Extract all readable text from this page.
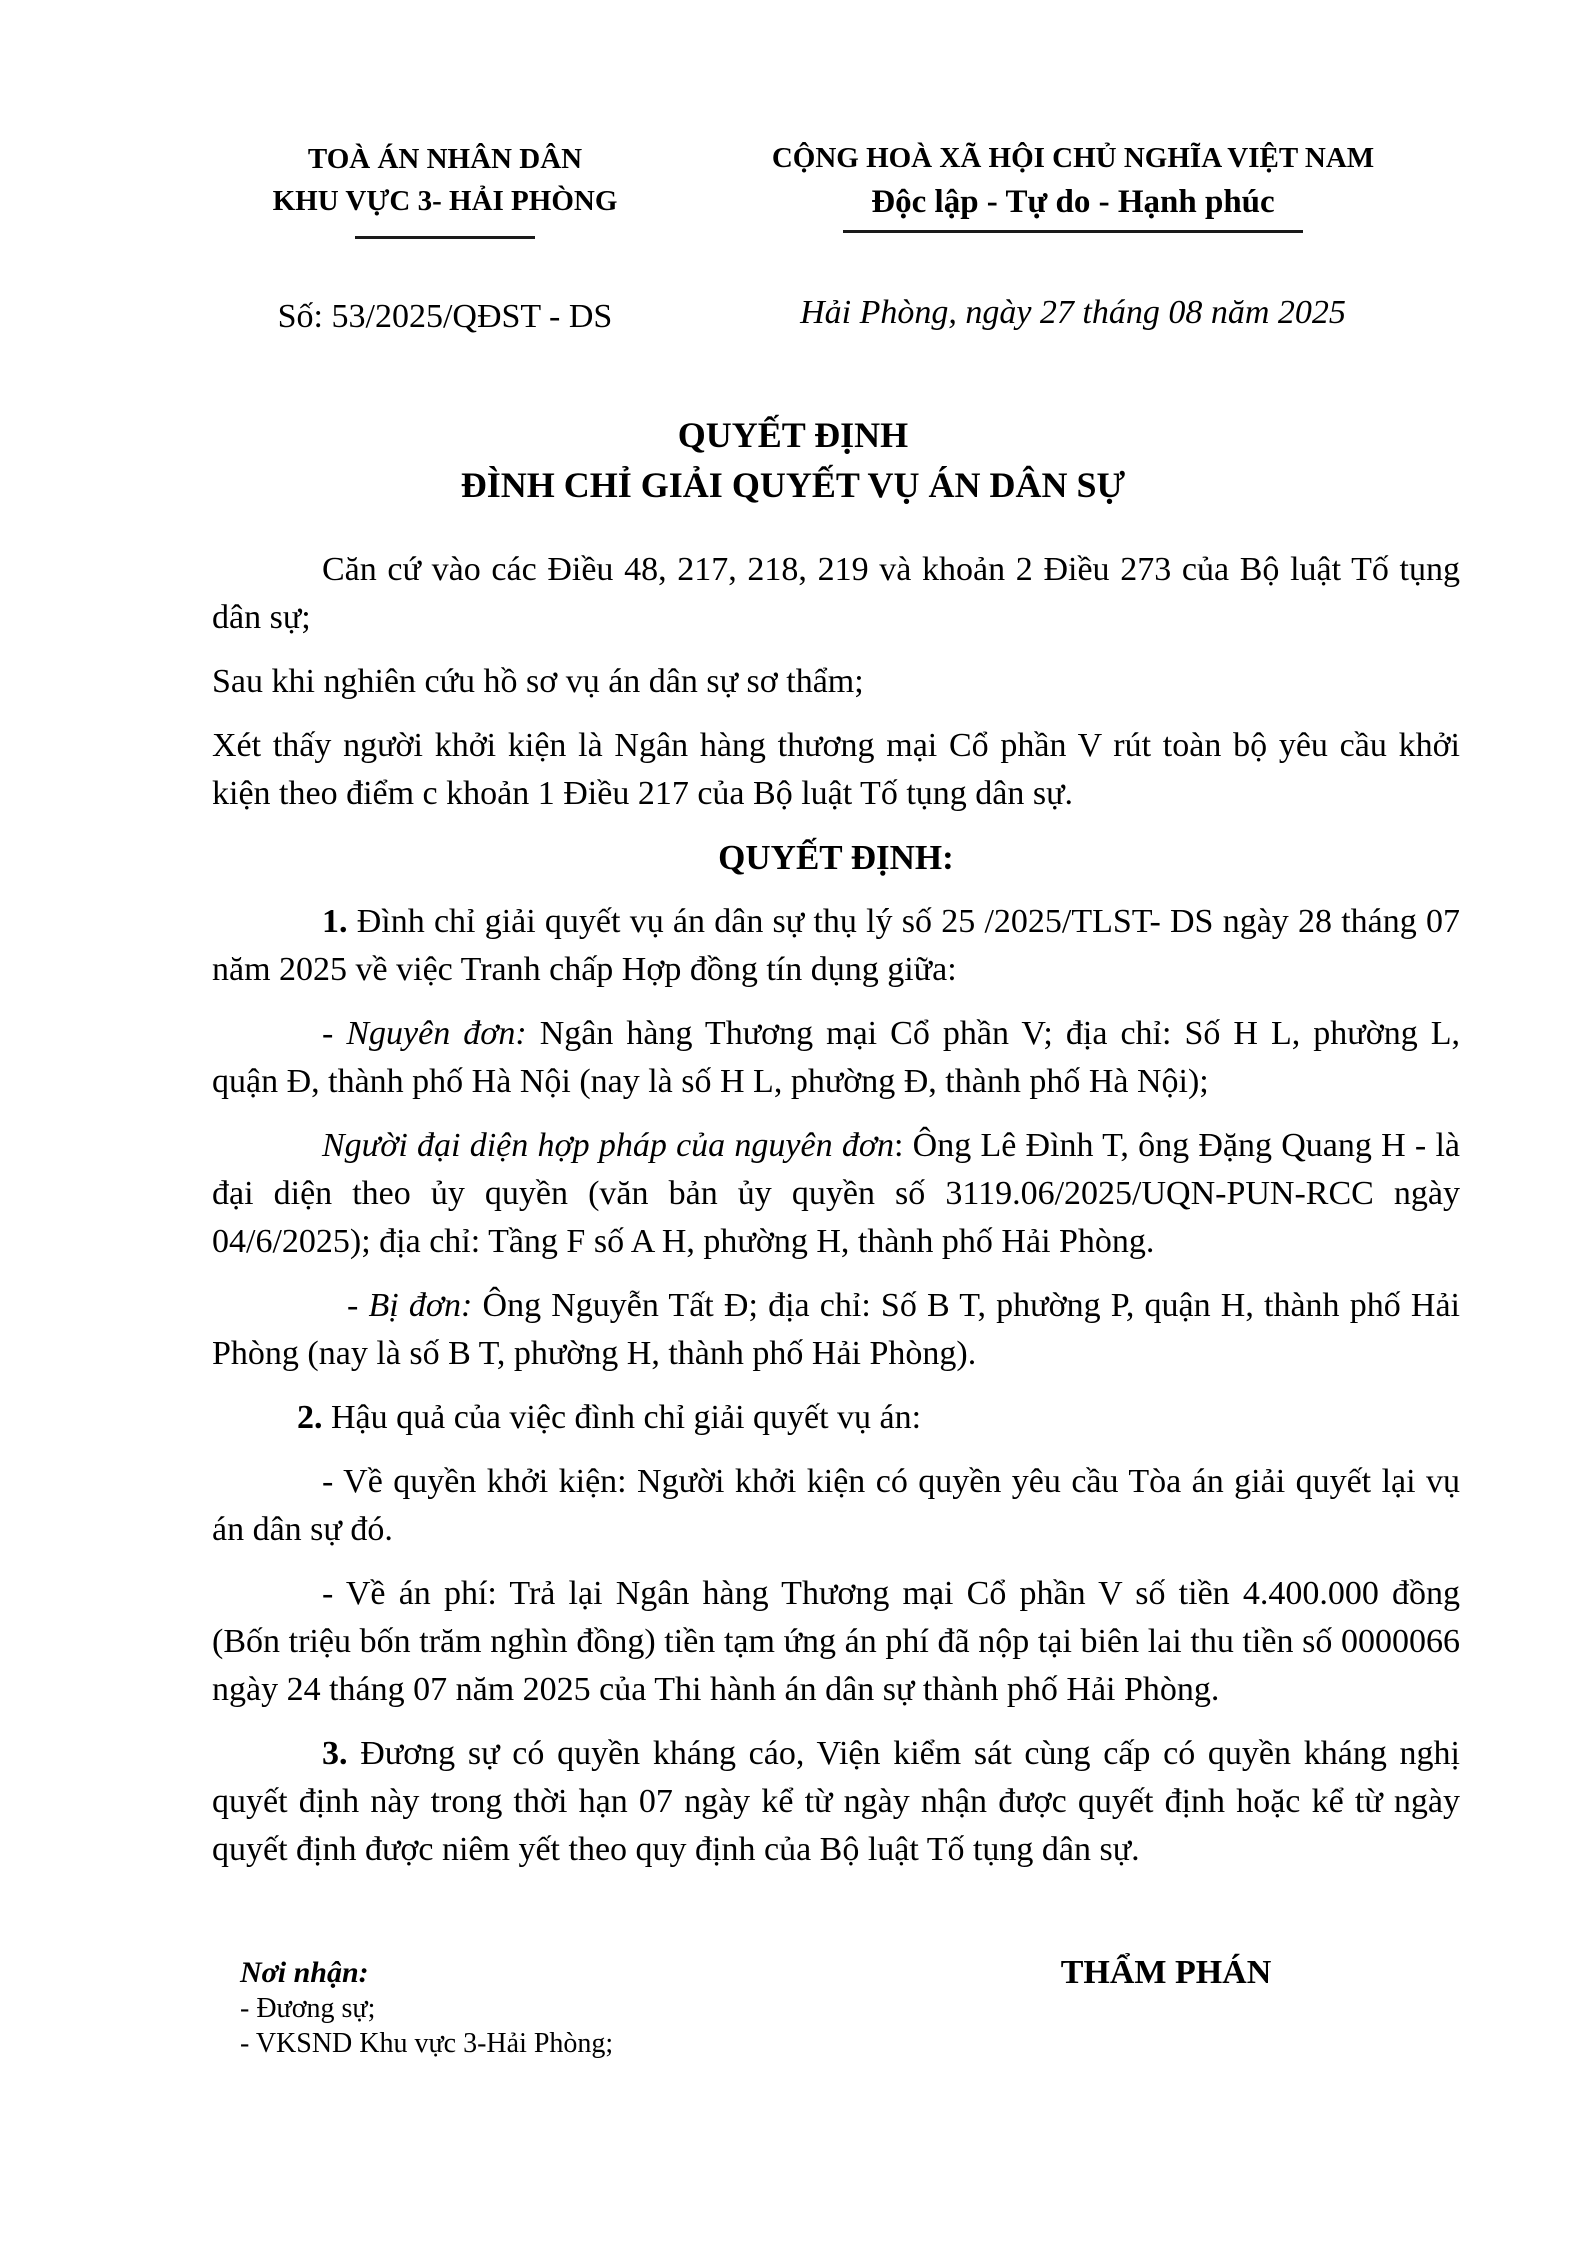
TOÀ ÁN NHÂN DÂN
KHU VỰC 3- HẢI PHÒNG
Số: 53/2025/QĐST - DS
CỘNG HOÀ XÃ HỘI CHỦ NGHĨA VIỆT NAM
Độc lập - Tự do - Hạnh phúc
Hải Phòng, ngày 27 tháng 08 năm 2025
QUYẾT ĐỊNH
ĐÌNH CHỈ GIẢI QUYẾT VỤ ÁN DÂN SỰ

Căn cứ vào các Điều 48, 217, 218, 219 và khoản 2 Điều 273 của Bộ luật Tố tụng dân sự;

Sau khi nghiên cứu hồ sơ vụ án dân sự sơ thẩm;

Xét thấy người khởi kiện là Ngân hàng thương mại Cổ phần V rút toàn bộ yêu cầu khởi kiện theo điểm c khoản 1 Điều 217 của Bộ luật Tố tụng dân sự.

QUYẾT ĐỊNH:

1. Đình chỉ giải quyết vụ án dân sự thụ lý số 25 /2025/TLST- DS ngày 28 tháng 07 năm 2025 về việc Tranh chấp Hợp đồng tín dụng giữa:

- Nguyên đơn: Ngân hàng Thương mại Cổ phần V; địa chỉ: Số H L, phường L, quận Đ, thành phố Hà Nội (nay là số H L, phường Đ, thành phố Hà Nội);

Người đại diện hợp pháp của nguyên đơn: Ông Lê Đình T, ông Đặng Quang H - là đại diện theo ủy quyền (văn bản ủy quyền số 3119.06/2025/UQN-PUN-RCC ngày 04/6/2025); địa chỉ: Tầng F số A H, phường H, thành phố Hải Phòng.

- Bị đơn: Ông Nguyễn Tất Đ; địa chỉ: Số B T, phường P, quận H, thành phố Hải Phòng (nay là số B T, phường H, thành phố Hải Phòng).

2. Hậu quả của việc đình chỉ giải quyết vụ án:

- Về quyền khởi kiện: Người khởi kiện có quyền yêu cầu Tòa án giải quyết lại vụ án dân sự đó.

- Về án phí: Trả lại Ngân hàng Thương mại Cổ phần V số tiền 4.400.000 đồng (Bốn triệu bốn trăm nghìn đồng) tiền tạm ứng án phí đã nộp tại biên lai thu tiền số 0000066 ngày 24 tháng 07 năm 2025 của Thi hành án dân sự thành phố Hải Phòng.

3. Đương sự có quyền kháng cáo, Viện kiểm sát cùng cấp có quyền kháng nghị quyết định này trong thời hạn 07 ngày kể từ ngày nhận được quyết định hoặc kể từ ngày quyết định được niêm yết theo quy định của Bộ luật Tố tụng dân sự.

Nơi nhận:
- Đương sự;
- VKSND Khu vực 3-Hải Phòng;
THẨM PHÁN
